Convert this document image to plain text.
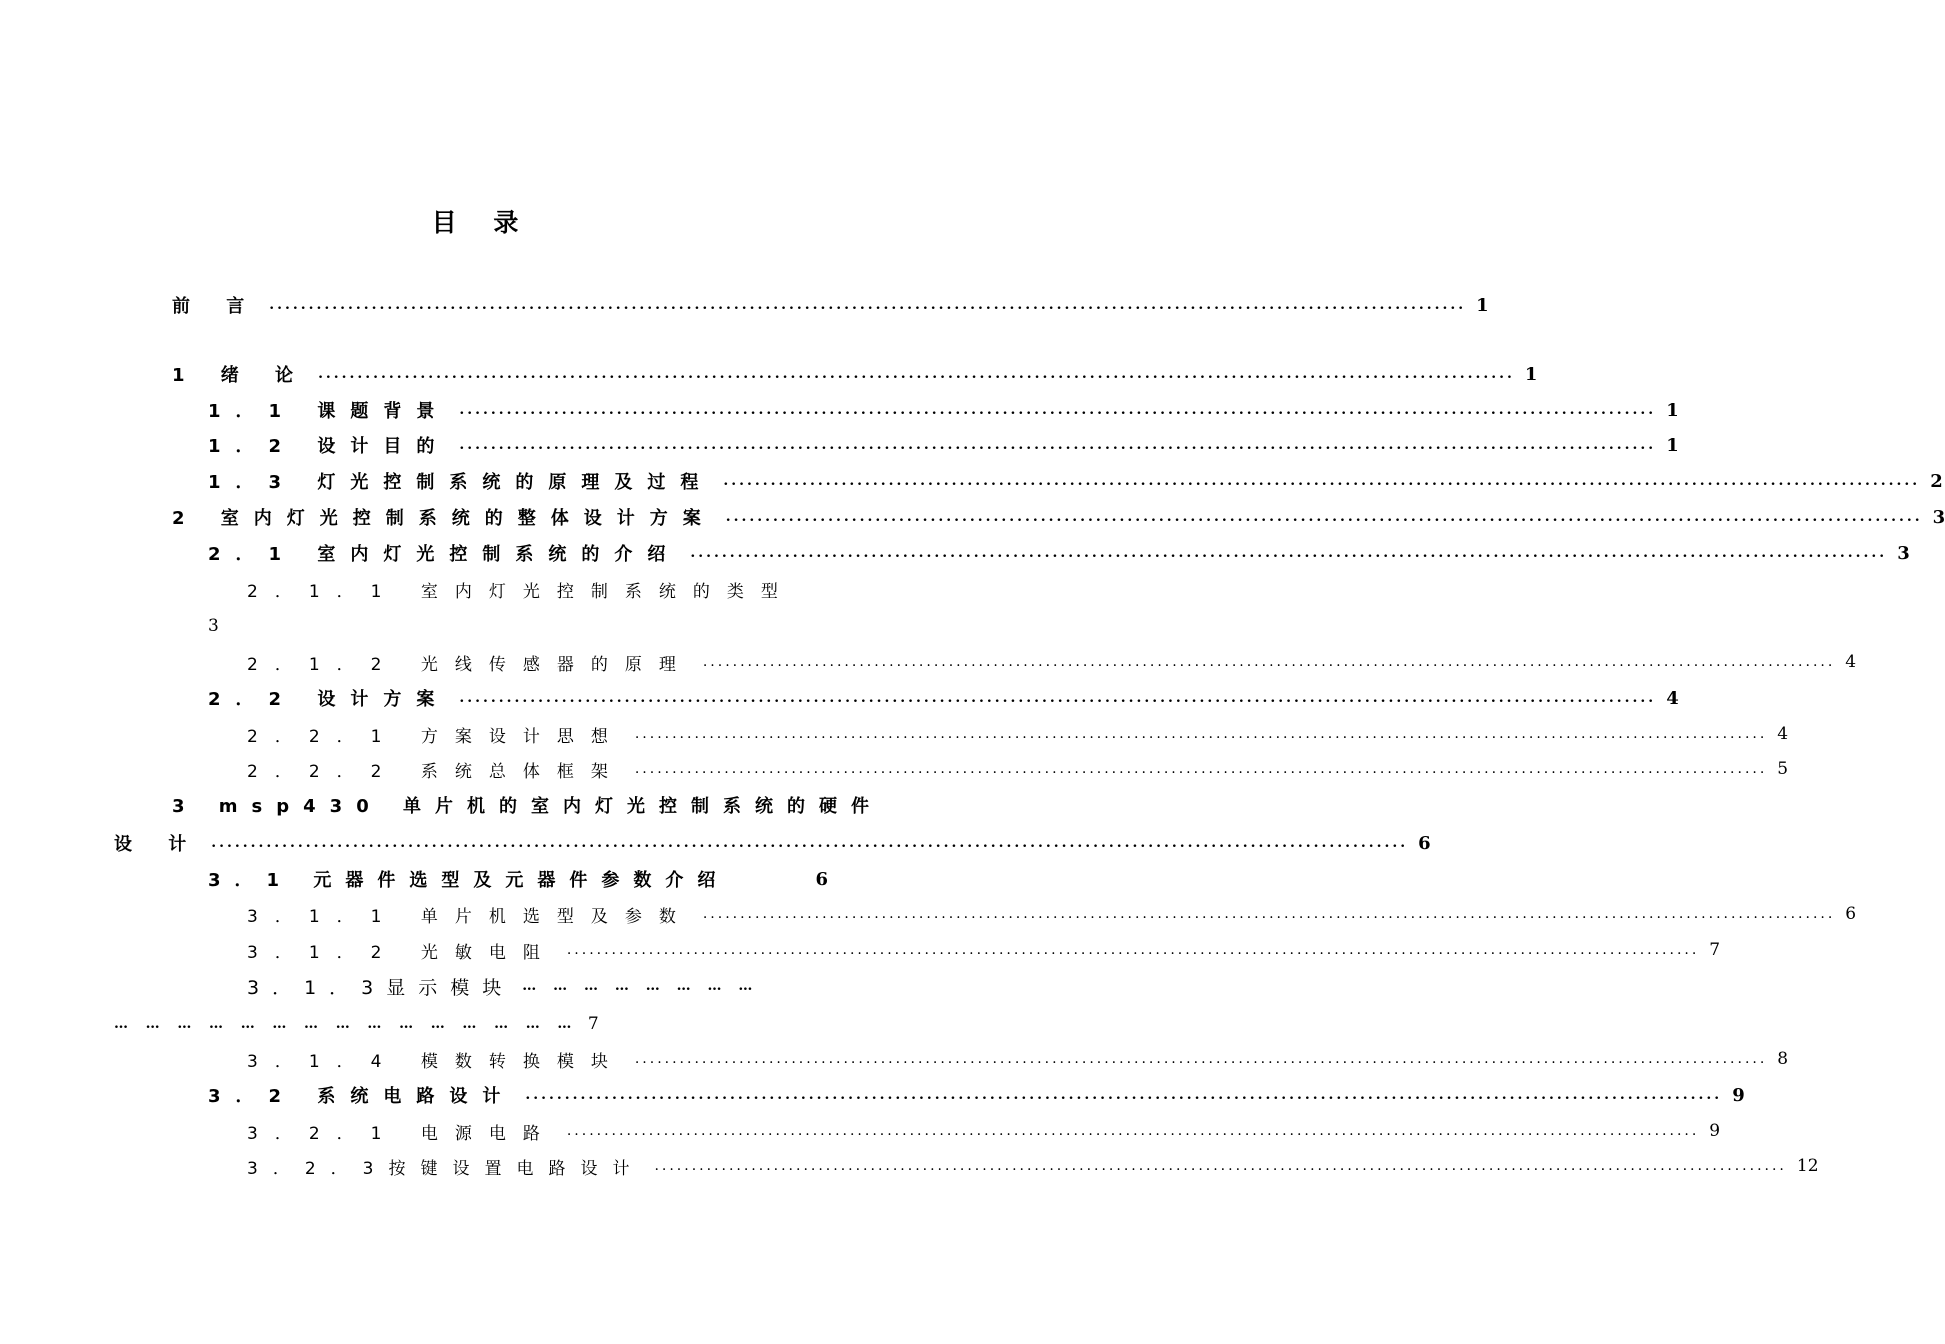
目 录
前 言 ........................................................................................................................................................ 1
1 绪 论 ........................................................................................................................................................ 1
1．1 课题背景 ........................................................................................................................................................ 1
1．2 设计目的 ........................................................................................................................................................ 1
1．3 灯光控制系统的原理及过程 ........................................................................................................................................................ 2
2 室内灯光控制系统的整体设计方案 ........................................................................................................................................................ 3
2．1 室内灯光控制系统的介绍 ........................................................................................................................................................ 3
2．1．1 室内灯光控制系统的类型
3
2．1．2 光线传感器的原理 ........................................................................................................................................................ 4
2．2 设计方案 ........................................................................................................................................................ 4
2．2．1 方案设计思想 ........................................................................................................................................................ 4
2．2．2 系统总体框架 ........................................................................................................................................................ 5
3 msp430 单片机的室内灯光控制系统的硬件
设 计 ........................................................................................................................................................ 6
3．1 元器件选型及元器件参数介绍	6
3．1．1 单片机选型及参数 ........................................................................................................................................................ 6
3．1．2 光敏电阻 ........................................................................................................................................................ 7
3．1．3显示模块 … … … … … … … …
… … … … … … … … … … … … … … … 7
3．1．4 模数转换模块 ........................................................................................................................................................ 8
3．2 系统电路设计 ........................................................................................................................................................ 9
3．2．1 电源电路 ........................................................................................................................................................ 9
3．2．3按键设置电路设计 ........................................................................................................................................................ 12
